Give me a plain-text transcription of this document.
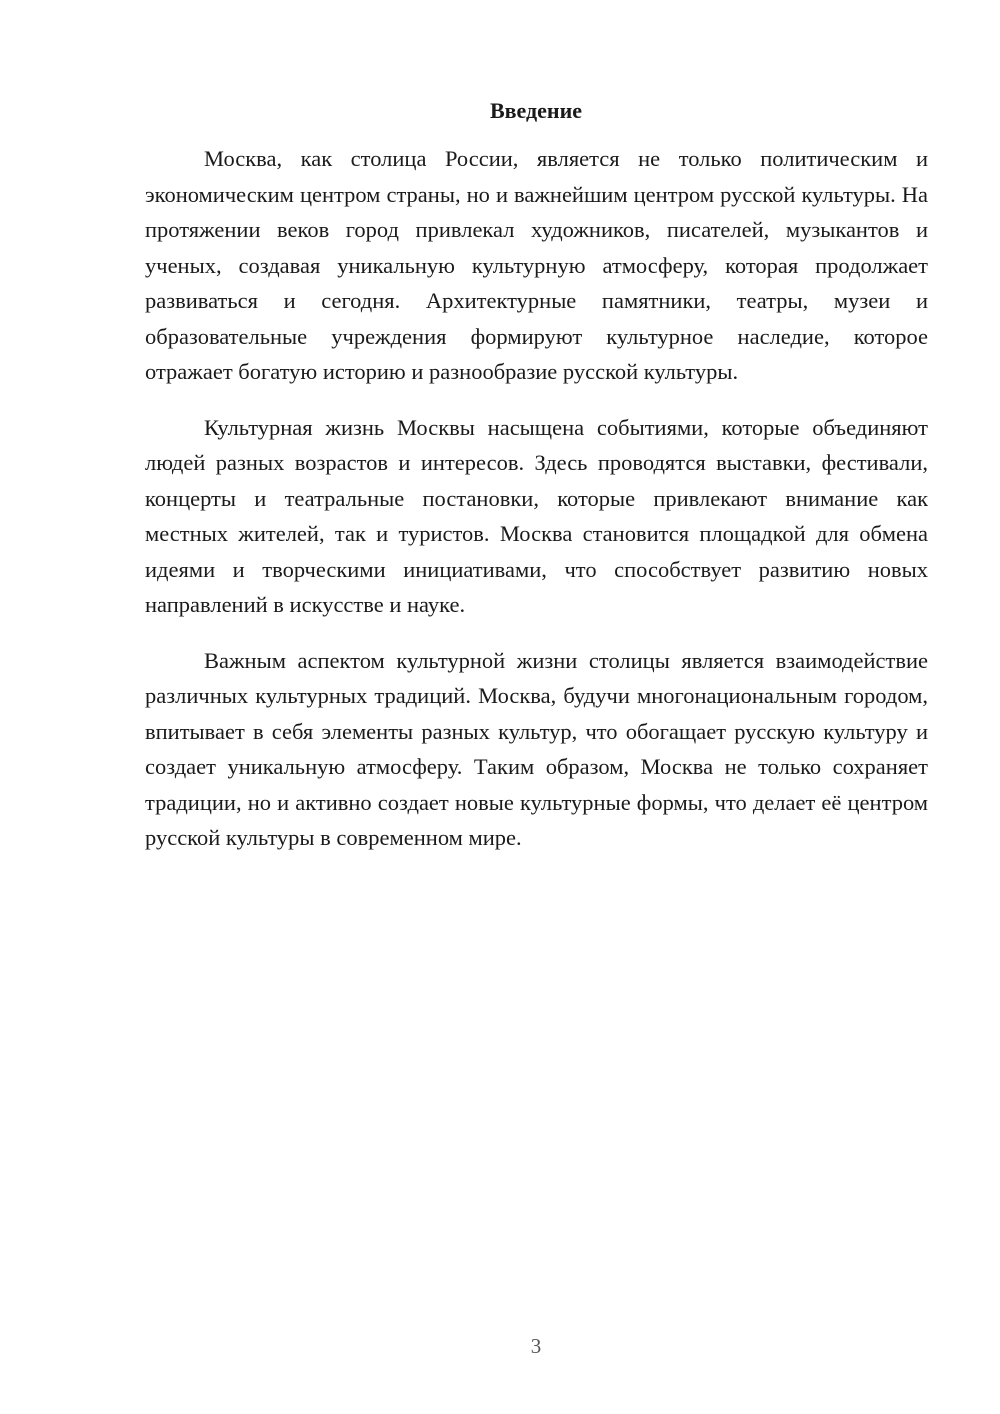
Введение

Москва, как столица России, является не только политическим и экономическим центром страны, но и важнейшим центром русской культуры. На протяжении веков город привлекал художников, писателей, музыкантов и ученых, создавая уникальную культурную атмосферу, которая продолжает развиваться и сегодня. Архитектурные памятники, театры, музеи и образовательные учреждения формируют культурное наследие, которое отражает богатую историю и разнообразие русской культуры.

Культурная жизнь Москвы насыщена событиями, которые объединяют людей разных возрастов и интересов. Здесь проводятся выставки, фестивали, концерты и театральные постановки, которые привлекают внимание как местных жителей, так и туристов. Москва становится площадкой для обмена идеями и творческими инициативами, что способствует развитию новых направлений в искусстве и науке.

Важным аспектом культурной жизни столицы является взаимодействие различных культурных традиций. Москва, будучи многонациональным городом, впитывает в себя элементы разных культур, что обогащает русскую культуру и создает уникальную атмосферу. Таким образом, Москва не только сохраняет традиции, но и активно создает новые культурные формы, что делает её центром русской культуры в современном мире.

3
